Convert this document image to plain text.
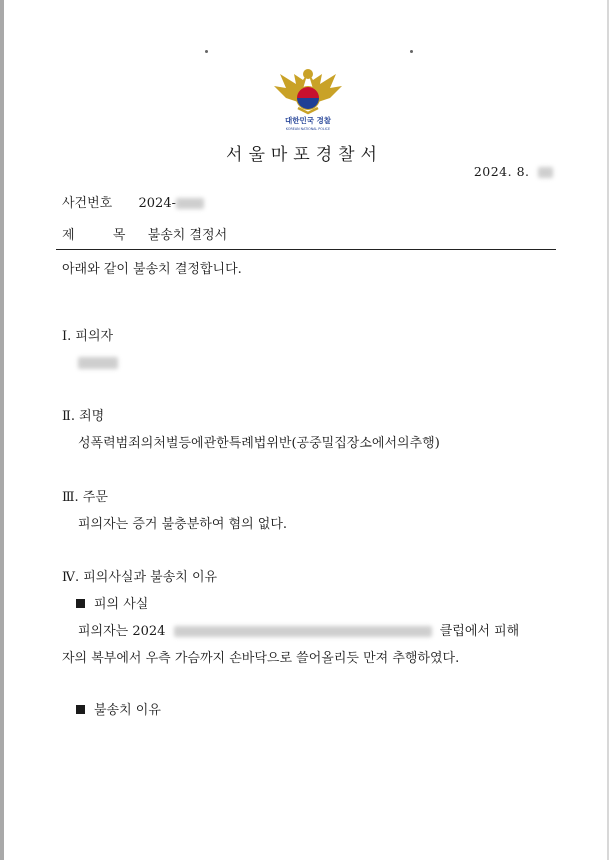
대한민국 경찰
KOREAN NATIONAL POLICE
서울마포경찰서
2024. 8.
사건번호 2024-
제	목 불송치 결정서
아래와 같이 불송치 결정합니다.
Ⅰ. 피의자
Ⅱ. 죄명
성폭력범죄의처벌등에관한특례법위반(공중밀집장소에서의추행)
Ⅲ. 주문
피의자는 증거 불충분하여 혐의 없다.
Ⅳ. 피의사실과 불송치 이유
피의 사실
피의자는 2024	클럽에서 피해
자의 복부에서 우측 가슴까지 손바닥으로 쓸어올리듯 만져 추행하였다.
불송치 이유
